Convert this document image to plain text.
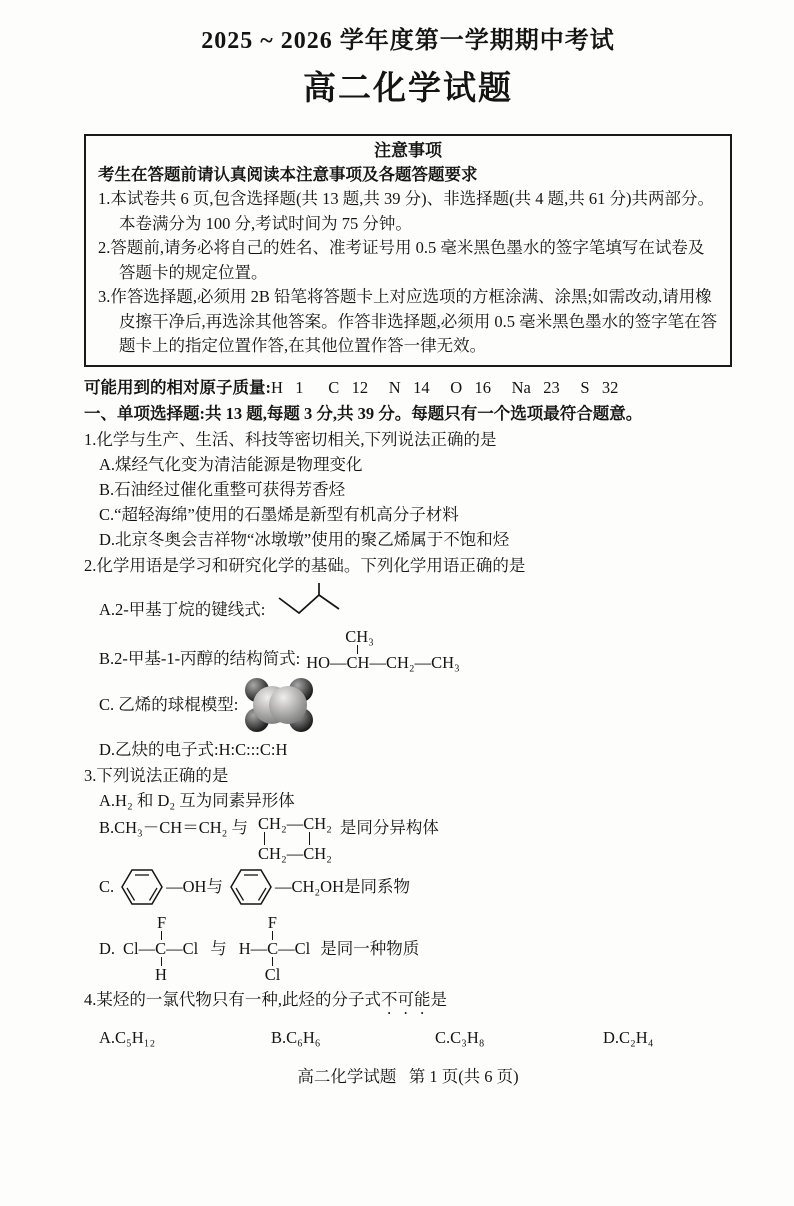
2025 ~ 2026 学年度第一学期期中考试
高二化学试题
注意事项
考生在答题前请认真阅读本注意事项及各题答题要求
1.本试卷共 6 页,包含选择题(共 13 题,共 39 分)、非选择题(共 4 题,共 61 分)共两部分。本卷满分为 100 分,考试时间为 75 分钟。
2.答题前,请务必将自己的姓名、准考证号用 0.5 毫米黑色墨水的签字笔填写在试卷及答题卡的规定位置。
3.作答选择题,必须用 2B 铅笔将答题卡上对应选项的方框涂满、涂黑;如需改动,请用橡皮擦干净后,再选涂其他答案。作答非选择题,必须用 0.5 毫米黑色墨水的签字笔在答题卡上的指定位置作答,在其他位置作答一律无效。
可能用到的相对原子质量:H   1      C   12     N   14     O   16     Na   23     S   32
一、单项选择题:共 13 题,每题 3 分,共 39 分。每题只有一个选项最符合题意。
1.化学与生产、生活、科技等密切相关,下列说法正确的是
A.煤经气化变为清洁能源是物理变化
B.石油经过催化重整可获得芳香烃
C.“超轻海绵”使用的石墨烯是新型有机高分子材料
D.北京冬奥会吉祥物“冰墩墩”使用的聚乙烯属于不饱和烃
2.化学用语是学习和研究化学的基础。下列化学用语正确的是
A.2-甲基丁烷的键线式:
B.2-甲基-1-丙醇的结构简式:
CH₃
HO—CH—CH₂—CH₃
C. 乙烯的球棍模型:
D.乙炔的电子式:H:C:::C:H
3.下列说法正确的是
A.H₂ 和 D₂ 互为同素异形体
B.CH₃－CH＝CH₂ 与 CH₂—CH₂
CH₂—CH₂
是同分异构体
C.	—OH 与	—CH₂OH 是同系物
D.
F
Cl—C—Cl
H
与
F
H—C—Cl
Cl
是同一种物质
4.某烃的一氯代物只有一种,此烃的分子式不可能是
A.C₅H₁₂	B.C₆H₆	C.C₃H₈	D.C₂H₄
高二化学试题   第 1 页(共 6 页)
